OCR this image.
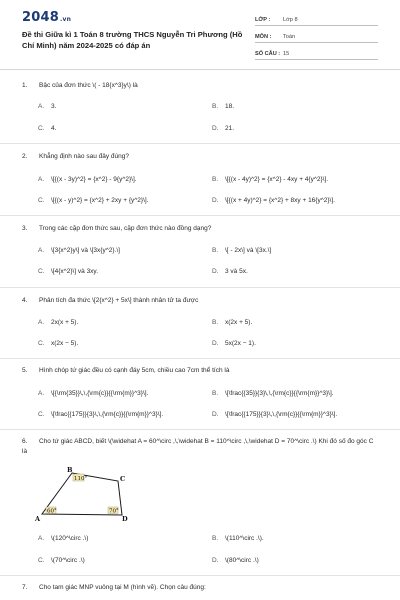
2048.vn
Đề thi Giữa kì 1 Toán 8 trường THCS Nguyễn Tri Phương (Hồ Chí Minh) năm 2024-2025 có đáp án
LỚP :	Lớp 8
MÔN :	Toán
SỐ CÂU : 15
1. Bậc của đơn thức \( - 18{x^3}y\) là
A. 3.	B. 18.
C. 4.	D. 21.
2. Khẳng định nào sau đây đúng?
A. \[{(x - 3y)^2} = {x^2} - 9{y^2}\].	B. \[{(x - 4y)^2} = {x^2} - 4xy + 4{y^2}\].
C. \[{(x - y)^2} = {x^2} + 2xy + {y^2}\].	D. \[{(x + 4y)^2} = {x^2} + 8xy + 16{y^2}\].
3. Trong các cặp đơn thức sau, cặp đơn thức nào đồng dạng?
A. \[3{x^2}y\] và \[3x{y^2}.\]	B. \[ - 2x\] và \[3x.\]
C. \[4{x^2}\] và 3xy.	D. 3 và 5x.
4. Phân tích đa thức \[2{x^2} + 5x\] thành nhân tử ta được
A. 2x(x + 5).	B. x(2x + 5).
C. x(2x − 5).	D. 5x(2x − 1).
5. Hình chóp tứ giác đều có cạnh đáy 5cm, chiều cao 7cm thể tích là
A. \[{\rm{35}}\,\,{\rm{c}}{{\rm{m}}^3}\].	B. \[\frac{{35}}{3}\,\,{\rm{c}}{{\rm{m}}^3}\].
C. \[\frac{{175}}{3}\,\,{\rm{c}}{{\rm{m}}^3}\].	D. \[\frac{{175}}{3}\,\,{\rm{c}}{{\rm{m}}^3}\].
6. Cho tứ giác ABCD, biết \(\widehat A = 60^\circ ,\,\widehat B = 110^\circ ,\,\widehat D = 70^\circ .\) Khi đó số đo góc C là
110°
60°	70°
B
C
A	D
A. \(120^\circ .\)	B. \(110^\circ .\).
C. \(70^\circ .\)	D. \(80^\circ .\)
7. Cho tam giác MNP vuông tại M (hình vẽ). Chọn câu đúng:
